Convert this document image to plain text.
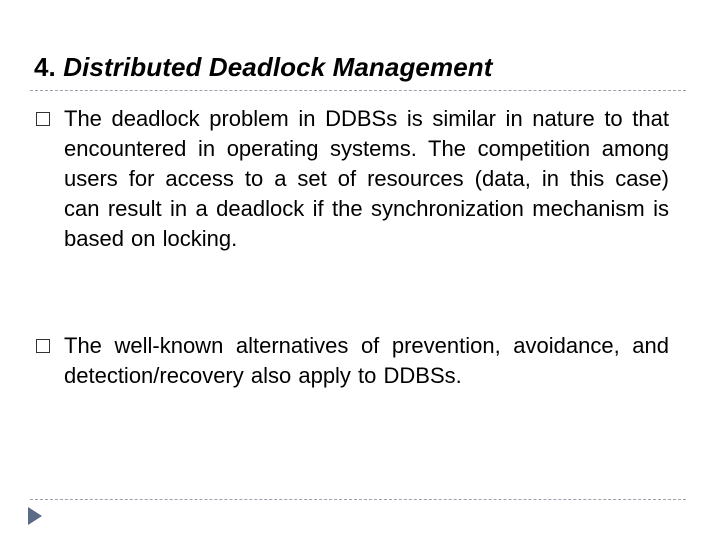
4. Distributed Deadlock Management
The deadlock problem in DDBSs is similar in nature to that encountered in operating systems. The competition among users for access to a set of resources (data, in this case) can result in a deadlock if the synchronization mechanism is based on locking.
The well-known alternatives of prevention, avoidance, and detection/recovery also apply to DDBSs.
